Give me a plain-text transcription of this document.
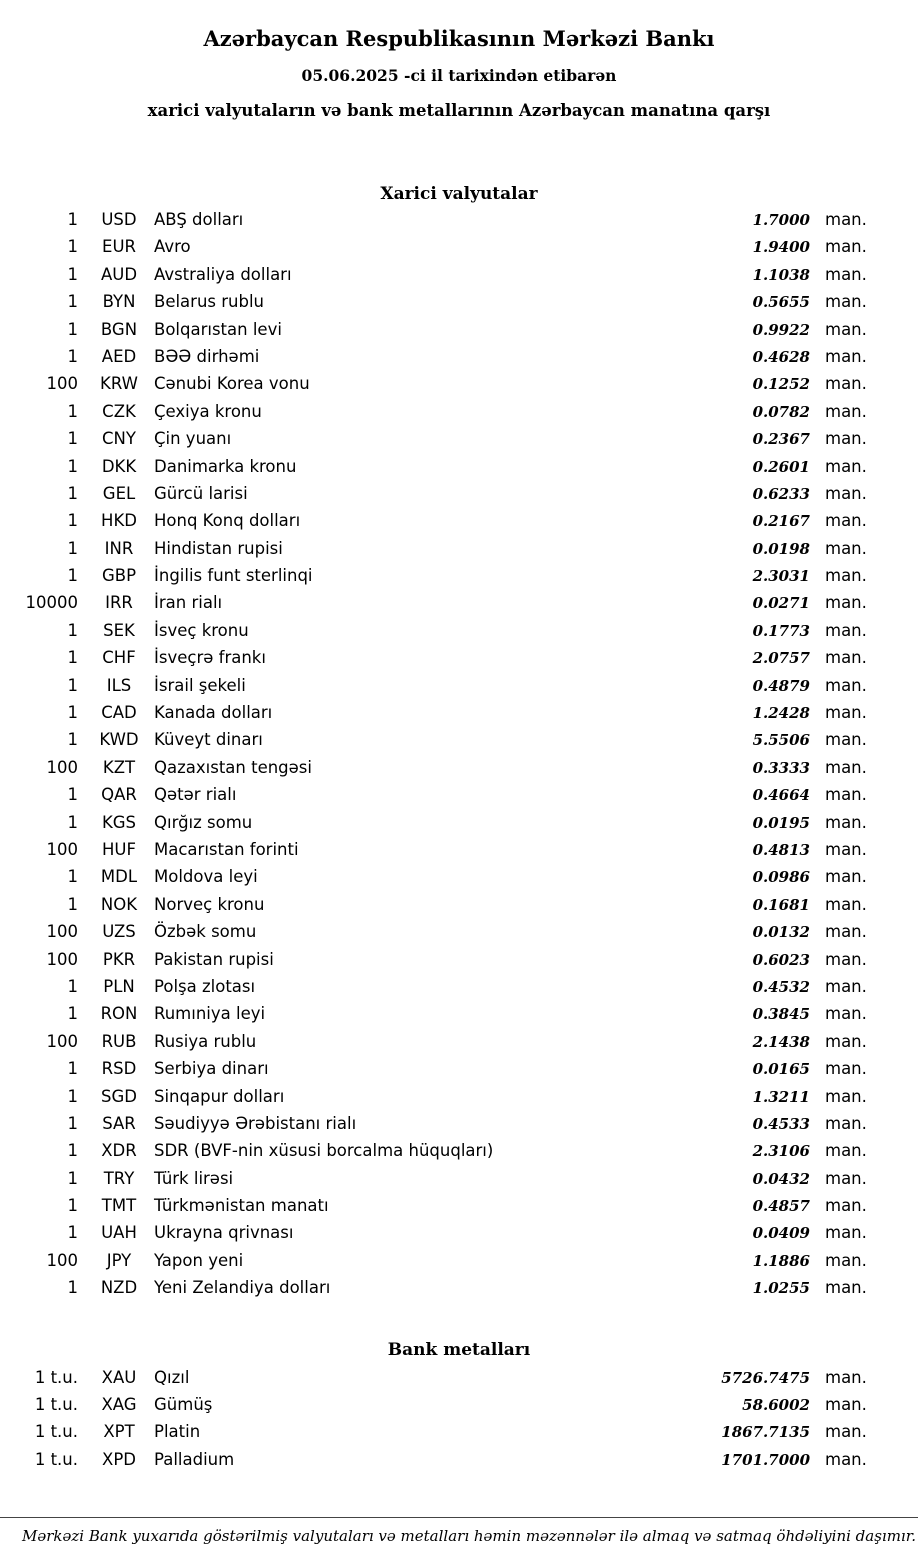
Azərbaycan Respublikasının Mərkəzi Bankı
05.06.2025 -ci il tarixindən etibarən
xarici valyutaların və bank metallarının Azərbaycan manatına qarşı
Xarici valyutalar
1	USD	ABŞ dolları	1.7000 man.
1	EUR	Avro	1.9400 man.
1	AUD	Avstraliya dolları	1.1038 man.
1	BYN	Belarus rublu	0.5655 man.
1	BGN	Bolqarıstan levi	0.9922 man.
1	AED	BƏƏ dirhəmi	0.4628 man.
100	KRW Cənubi Korea vonu	0.1252 man.
1	CZK	Çexiya kronu	0.0782 man.
1	CNY	Çin yuanı	0.2367 man.
1	DKK	Danimarka kronu	0.2601 man.
1	GEL	Gürcü larisi	0.6233 man.
1	HKD	Honq Konq dolları	0.2167 man.
1	INR	Hindistan rupisi	0.0198 man.
1	GBP	İngilis funt sterlinqi	2.3031 man.
10000	IRR	İran rialı	0.0271 man.
1	SEK	İsveç kronu	0.1773 man.
1	CHF	İsveçrə frankı	2.0757 man.
1	ILS	İsrail şekeli	0.4879 man.
1	CAD	Kanada dolları	1.2428 man.
1	KWD Küveyt dinarı	5.5506 man.
100	KZT	Qazaxıstan tengəsi	0.3333 man.
1	QAR	Qətər rialı	0.4664 man.
1	KGS	Qırğız somu	0.0195 man.
100	HUF	Macarıstan forinti	0.4813 man.
1	MDL	Moldova leyi	0.0986 man.
1	NOK	Norveç kronu	0.1681 man.
100	UZS	Özbək somu	0.0132 man.
100	PKR	Pakistan rupisi	0.6023 man.
1	PLN	Polşa zlotası	0.4532 man.
1	RON	Rumıniya leyi	0.3845 man.
100	RUB	Rusiya rublu	2.1438 man.
1	RSD	Serbiya dinarı	0.0165 man.
1	SGD	Sinqapur dolları	1.3211 man.
1	SAR	Səudiyyə Ərəbistanı rialı	0.4533 man.
1	XDR	SDR (BVF-nin xüsusi borcalma hüquqları)	2.3106 man.
1	TRY	Türk lirəsi	0.0432 man.
1	TMT	Türkmənistan manatı	0.4857 man.
1	UAH	Ukrayna qrivnası	0.0409 man.
100	JPY	Yapon yeni	1.1886 man.
1	NZD	Yeni Zelandiya dolları	1.0255 man.
Bank metalları
1 t.u.	XAU	Qızıl	5726.7475 man.
1 t.u.	XAG	Gümüş	58.6002 man.
1 t.u.	XPT	Platin	1867.7135 man.
1 t.u.	XPD	Palladium	1701.7000 man.
Mərkəzi Bank yuxarıda göstərilmiş valyutaları və metalları həmin məzənnələr ilə almaq və satmaq öhdəliyini daşımır.
